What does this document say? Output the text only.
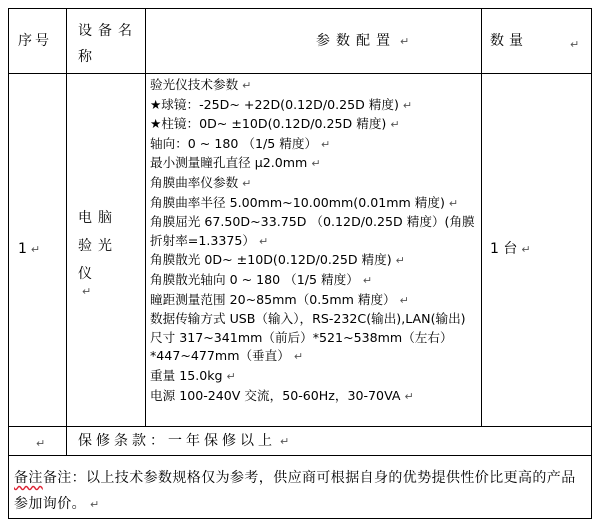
序号
设备名称
参数配置 ↵	数量	↵
1 ↵
电脑验光仪
↵
1 台 ↵
验光仪技术参数 ↵
★球镜：-25D~ +22D(0.12D/0.25D 精度) ↵
★柱镜：0D~ ±10D(0.12D/0.25D 精度) ↵
轴向：0 ~ 180 （1/5 精度） ↵
最小测量瞳孔直径 μ2.0mm ↵
角膜曲率仪参数 ↵
角膜曲率半径 5.00mm~10.00mm(0.01mm 精度) ↵
角膜屈光 67.50D~33.75D （0.12D/0.25D 精度）(角膜
折射率=1.3375） ↵
角膜散光 0D~ ±10D(0.12D/0.25D 精度) ↵
角膜散光轴向 0 ~ 180 （1/5 精度） ↵
瞳距测量范围 20~85mm（0.5mm 精度） ↵
数据传输方式 USB（输入），RS-232C(输出),LAN(输出)
尺寸 317~341mm（前后）*521~538mm（左右）
*447~477mm（垂直） ↵
重量 15.0kg ↵
电源 100-240V 交流，50-60Hz，30-70VA ↵
↵ 保修条款：一年保修以上 ↵
备注备注：以上技术参数规格仅为参考，供应商可根据自身的优势提供性价比更高的产品参加询价。 ↵
